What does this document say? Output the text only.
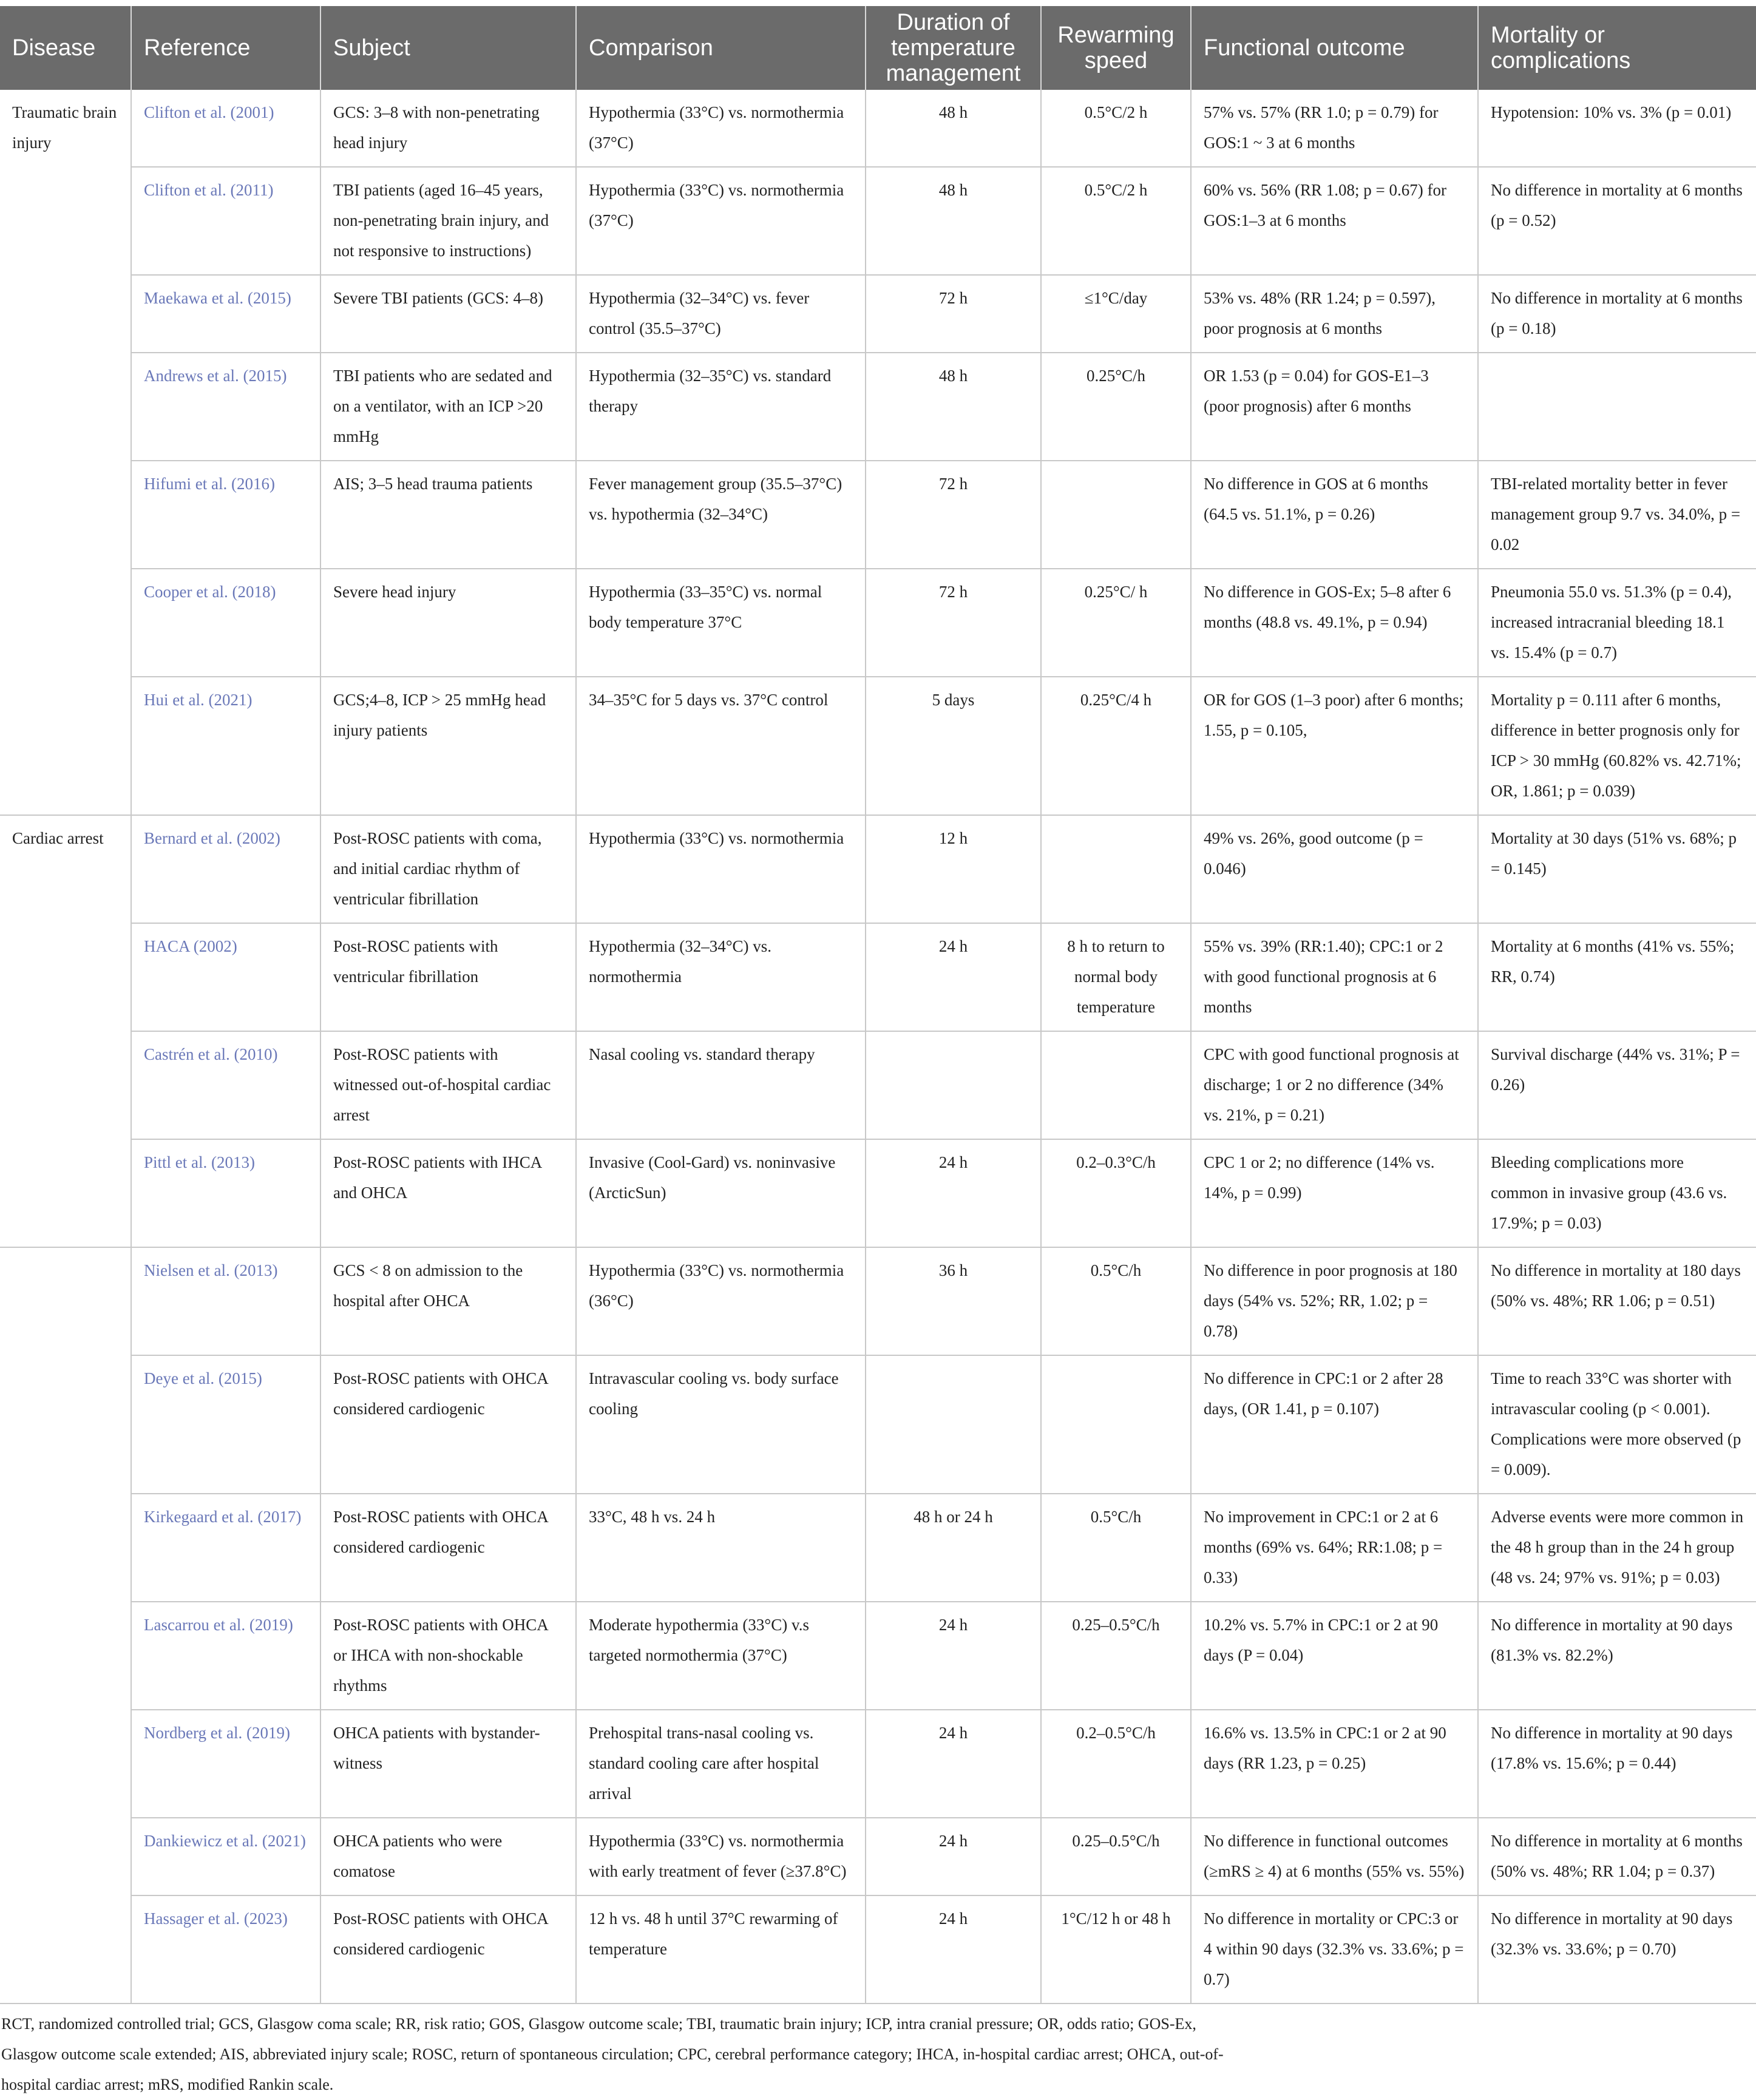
Disease	Reference	Subject	Comparison	Duration of temperature management	Rewarming speed	Functional outcome	Mortality or complications
Traumatic brain injury	Clifton et al. (2001)	GCS: 3–8 with non-penetrating head injury	Hypothermia (33°C) vs. normothermia (37°C)	48 h	0.5°C/2 h	57% vs. 57% (RR 1.0; p = 0.79) for GOS:1 ~ 3 at 6 months	Hypotension: 10% vs. 3% (p = 0.01)
	Clifton et al. (2011)	TBI patients (aged 16–45 years, non-penetrating brain injury, and not responsive to instructions)	Hypothermia (33°C) vs. normothermia (37°C)	48 h	0.5°C/2 h	60% vs. 56% (RR 1.08; p = 0.67) for GOS:1–3 at 6 months	No difference in mortality at 6 months (p = 0.52)
	Maekawa et al. (2015)	Severe TBI patients (GCS: 4–8)	Hypothermia (32–34°C) vs. fever control (35.5–37°C)	72 h	≤1°C/day	53% vs. 48% (RR 1.24; p = 0.597), poor prognosis at 6 months	No difference in mortality at 6 months (p = 0.18)
	Andrews et al. (2015)	TBI patients who are sedated and on a ventilator, with an ICP >20 mmHg	Hypothermia (32–35°C) vs. standard therapy	48 h	0.25°C/h	OR 1.53 (p = 0.04) for GOS-E1–3 (poor prognosis) after 6 months	
	Hifumi et al. (2016)	AIS; 3–5 head trauma patients	Fever management group (35.5–37°C) vs. hypothermia (32–34°C)	72 h		No difference in GOS at 6 months (64.5 vs. 51.1%, p = 0.26)	TBI-related mortality better in fever management group 9.7 vs. 34.0%, p = 0.02
	Cooper et al. (2018)	Severe head injury	Hypothermia (33–35°C) vs. normal body temperature 37°C	72 h	0.25°C/ h	No difference in GOS-Ex; 5–8 after 6 months (48.8 vs. 49.1%, p = 0.94)	Pneumonia 55.0 vs. 51.3% (p = 0.4), increased intracranial bleeding 18.1 vs. 15.4% (p = 0.7)
	Hui et al. (2021)	GCS;4–8, ICP > 25 mmHg head injury patients	34–35°C for 5 days vs. 37°C control	5 days	0.25°C/4 h	OR for GOS (1–3 poor) after 6 months; 1.55, p = 0.105,	Mortality p = 0.111 after 6 months, difference in better prognosis only for ICP > 30 mmHg (60.82% vs. 42.71%; OR, 1.861; p = 0.039)
Cardiac arrest	Bernard et al. (2002)	Post-ROSC patients with coma, and initial cardiac rhythm of ventricular fibrillation	Hypothermia (33°C) vs. normothermia	12 h		49% vs. 26%, good outcome (p = 0.046)	Mortality at 30 days (51% vs. 68%; p = 0.145)
	HACA (2002)	Post-ROSC patients with ventricular fibrillation	Hypothermia (32–34°C) vs. normothermia	24 h	8 h to return to normal body temperature	55% vs. 39% (RR:1.40); CPC:1 or 2 with good functional prognosis at 6 months	Mortality at 6 months (41% vs. 55%; RR, 0.74)
	Castrén et al. (2010)	Post-ROSC patients with witnessed out-of-hospital cardiac arrest	Nasal cooling vs. standard therapy			CPC with good functional prognosis at discharge; 1 or 2 no difference (34% vs. 21%, p = 0.21)	Survival discharge (44% vs. 31%; P = 0.26)
	Pittl et al. (2013)	Post-ROSC patients with IHCA and OHCA	Invasive (Cool-Gard) vs. noninvasive (ArcticSun)	24 h	0.2–0.3°C/h	CPC 1 or 2; no difference (14% vs. 14%, p = 0.99)	Bleeding complications more common in invasive group (43.6 vs. 17.9%; p = 0.03)
	Nielsen et al. (2013)	GCS < 8 on admission to the hospital after OHCA	Hypothermia (33°C) vs. normothermia (36°C)	36 h	0.5°C/h	No difference in poor prognosis at 180 days (54% vs. 52%; RR, 1.02; p = 0.78)	No difference in mortality at 180 days (50% vs. 48%; RR 1.06; p = 0.51)
	Deye et al. (2015)	Post-ROSC patients with OHCA considered cardiogenic	Intravascular cooling vs. body surface cooling			No difference in CPC:1 or 2 after 28 days, (OR 1.41, p = 0.107)	Time to reach 33°C was shorter with intravascular cooling (p < 0.001). Complications were more observed (p = 0.009).
	Kirkegaard et al. (2017)	Post-ROSC patients with OHCA considered cardiogenic	33°C, 48 h vs. 24 h	48 h or 24 h	0.5°C/h	No improvement in CPC:1 or 2 at 6 months (69% vs. 64%; RR:1.08; p = 0.33)	Adverse events were more common in the 48 h group than in the 24 h group (48 vs. 24; 97% vs. 91%; p = 0.03)
	Lascarrou et al. (2019)	Post-ROSC patients with OHCA or IHCA with non-shockable rhythms	Moderate hypothermia (33°C) v.s targeted normothermia (37°C)	24 h	0.25–0.5°C/h	10.2% vs. 5.7% in CPC:1 or 2 at 90 days (P = 0.04)	No difference in mortality at 90 days (81.3% vs. 82.2%)
	Nordberg et al. (2019)	OHCA patients with bystander-witness	Prehospital trans-nasal cooling vs. standard cooling care after hospital arrival	24 h	0.2–0.5°C/h	16.6% vs. 13.5% in CPC:1 or 2 at 90 days (RR 1.23, p = 0.25)	No difference in mortality at 90 days (17.8% vs. 15.6%; p = 0.44)
	Dankiewicz et al. (2021)	OHCA patients who were comatose	Hypothermia (33°C) vs. normothermia with early treatment of fever (≥37.8°C)	24 h	0.25–0.5°C/h	No difference in functional outcomes (≥mRS ≥ 4) at 6 months (55% vs. 55%)	No difference in mortality at 6 months (50% vs. 48%; RR 1.04; p = 0.37)
	Hassager et al. (2023)	Post-ROSC patients with OHCA considered cardiogenic	12 h vs. 48 h until 37°C rewarming of temperature	24 h	1°C/12 h or 48 h	No difference in mortality or CPC:3 or 4 within 90 days (32.3% vs. 33.6%; p = 0.7)	No difference in mortality at 90 days (32.3% vs. 33.6%; p = 0.70)
RCT, randomized controlled trial; GCS, Glasgow coma scale; RR, risk ratio; GOS, Glasgow outcome scale; TBI, traumatic brain injury; ICP, intra cranial pressure; OR, odds ratio; GOS-Ex, Glasgow outcome scale extended; AIS, abbreviated injury scale; ROSC, return of spontaneous circulation; CPC, cerebral performance category; IHCA, in-hospital cardiac arrest; OHCA, out-of-hospital cardiac arrest; mRS, modified Rankin scale.
